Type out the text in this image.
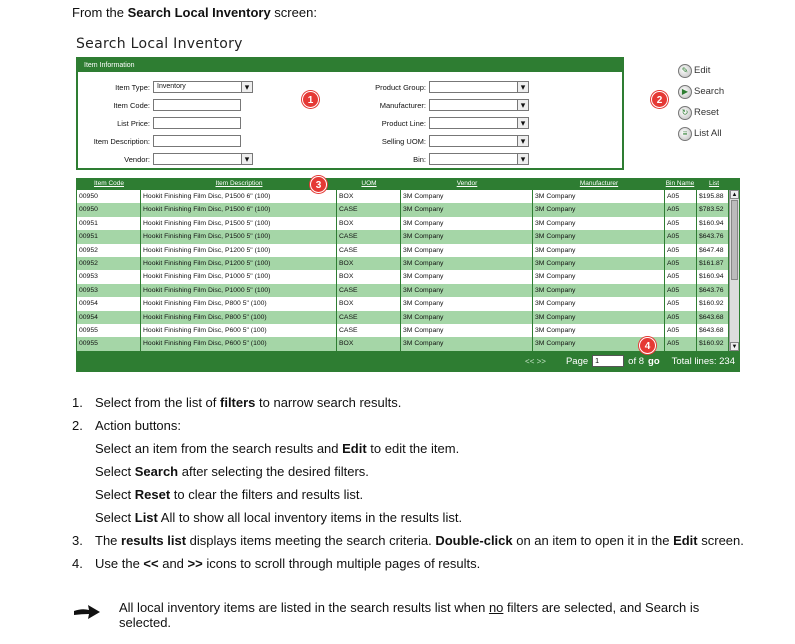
From the Search Local Inventory screen:
Search Local Inventory
Item Information
Item Type:	Inventory ▾
Item Code:
List Price:
Item Description:
Vendor:
▾
Product Group:
▾
Manufacturer:
▾
Product Line:
▾
Selling UOM:
▾
Bin:
▾
1	2
✎ Edit
▶ Search
↻ Reset
≡ List All
Item Code	Item Description	UOM	Vendor	Manufacturer	Bin Name	List
00950	Hookit Finishing Film Disc, P1500 6" (100)	BOX	3M Company	3M Company	A05	$195.88
00950	Hookit Finishing Film Disc, P1500 6" (100)	CASE	3M Company	3M Company	A05	$783.52
00951	Hookit Finishing Film Disc, P1500 5" (100)	BOX	3M Company	3M Company	A05	$160.94
00951	Hookit Finishing Film Disc, P1500 5" (100)	CASE	3M Company	3M Company	A05	$643.76
00952	Hookit Finishing Film Disc, P1200 5" (100)	CASE	3M Company	3M Company	A05	$647.48
00952	Hookit Finishing Film Disc, P1200 5" (100)	BOX	3M Company	3M Company	A05	$161.87
00953	Hookit Finishing Film Disc, P1000 5" (100)	BOX	3M Company	3M Company	A05	$160.94
00953	Hookit Finishing Film Disc, P1000 5" (100)	CASE	3M Company	3M Company	A05	$643.76
00954	Hookit Finishing Film Disc, P800 5" (100)	BOX	3M Company	3M Company	A05	$160.92
00954	Hookit Finishing Film Disc, P800 5" (100)	CASE	3M Company	3M Company	A05	$643.68
00955	Hookit Finishing Film Disc, P600 5" (100)	CASE	3M Company	3M Company	A05	$643.68
00955	Hookit Finishing Film Disc, P600 5" (100)	BOX	3M Company	3M Company	A05	$160.92
▲
▼
<< >> Page
1	of 8 go Total lines: 234
3
4
1. Select from the list of filters to narrow search results.
2. Action buttons:
Select an item from the search results and Edit to edit the item.
Select Search after selecting the desired filters.
Select Reset to clear the filters and results list.
Select List All to show all local inventory items in the results list.
3. The results list displays items meeting the search criteria. Double-click on an item to open it in the Edit screen.
4. Use the << and >> icons to scroll through multiple pages of results.
All local inventory items are listed in the search results list when no filters are selected, and Search is selected.
